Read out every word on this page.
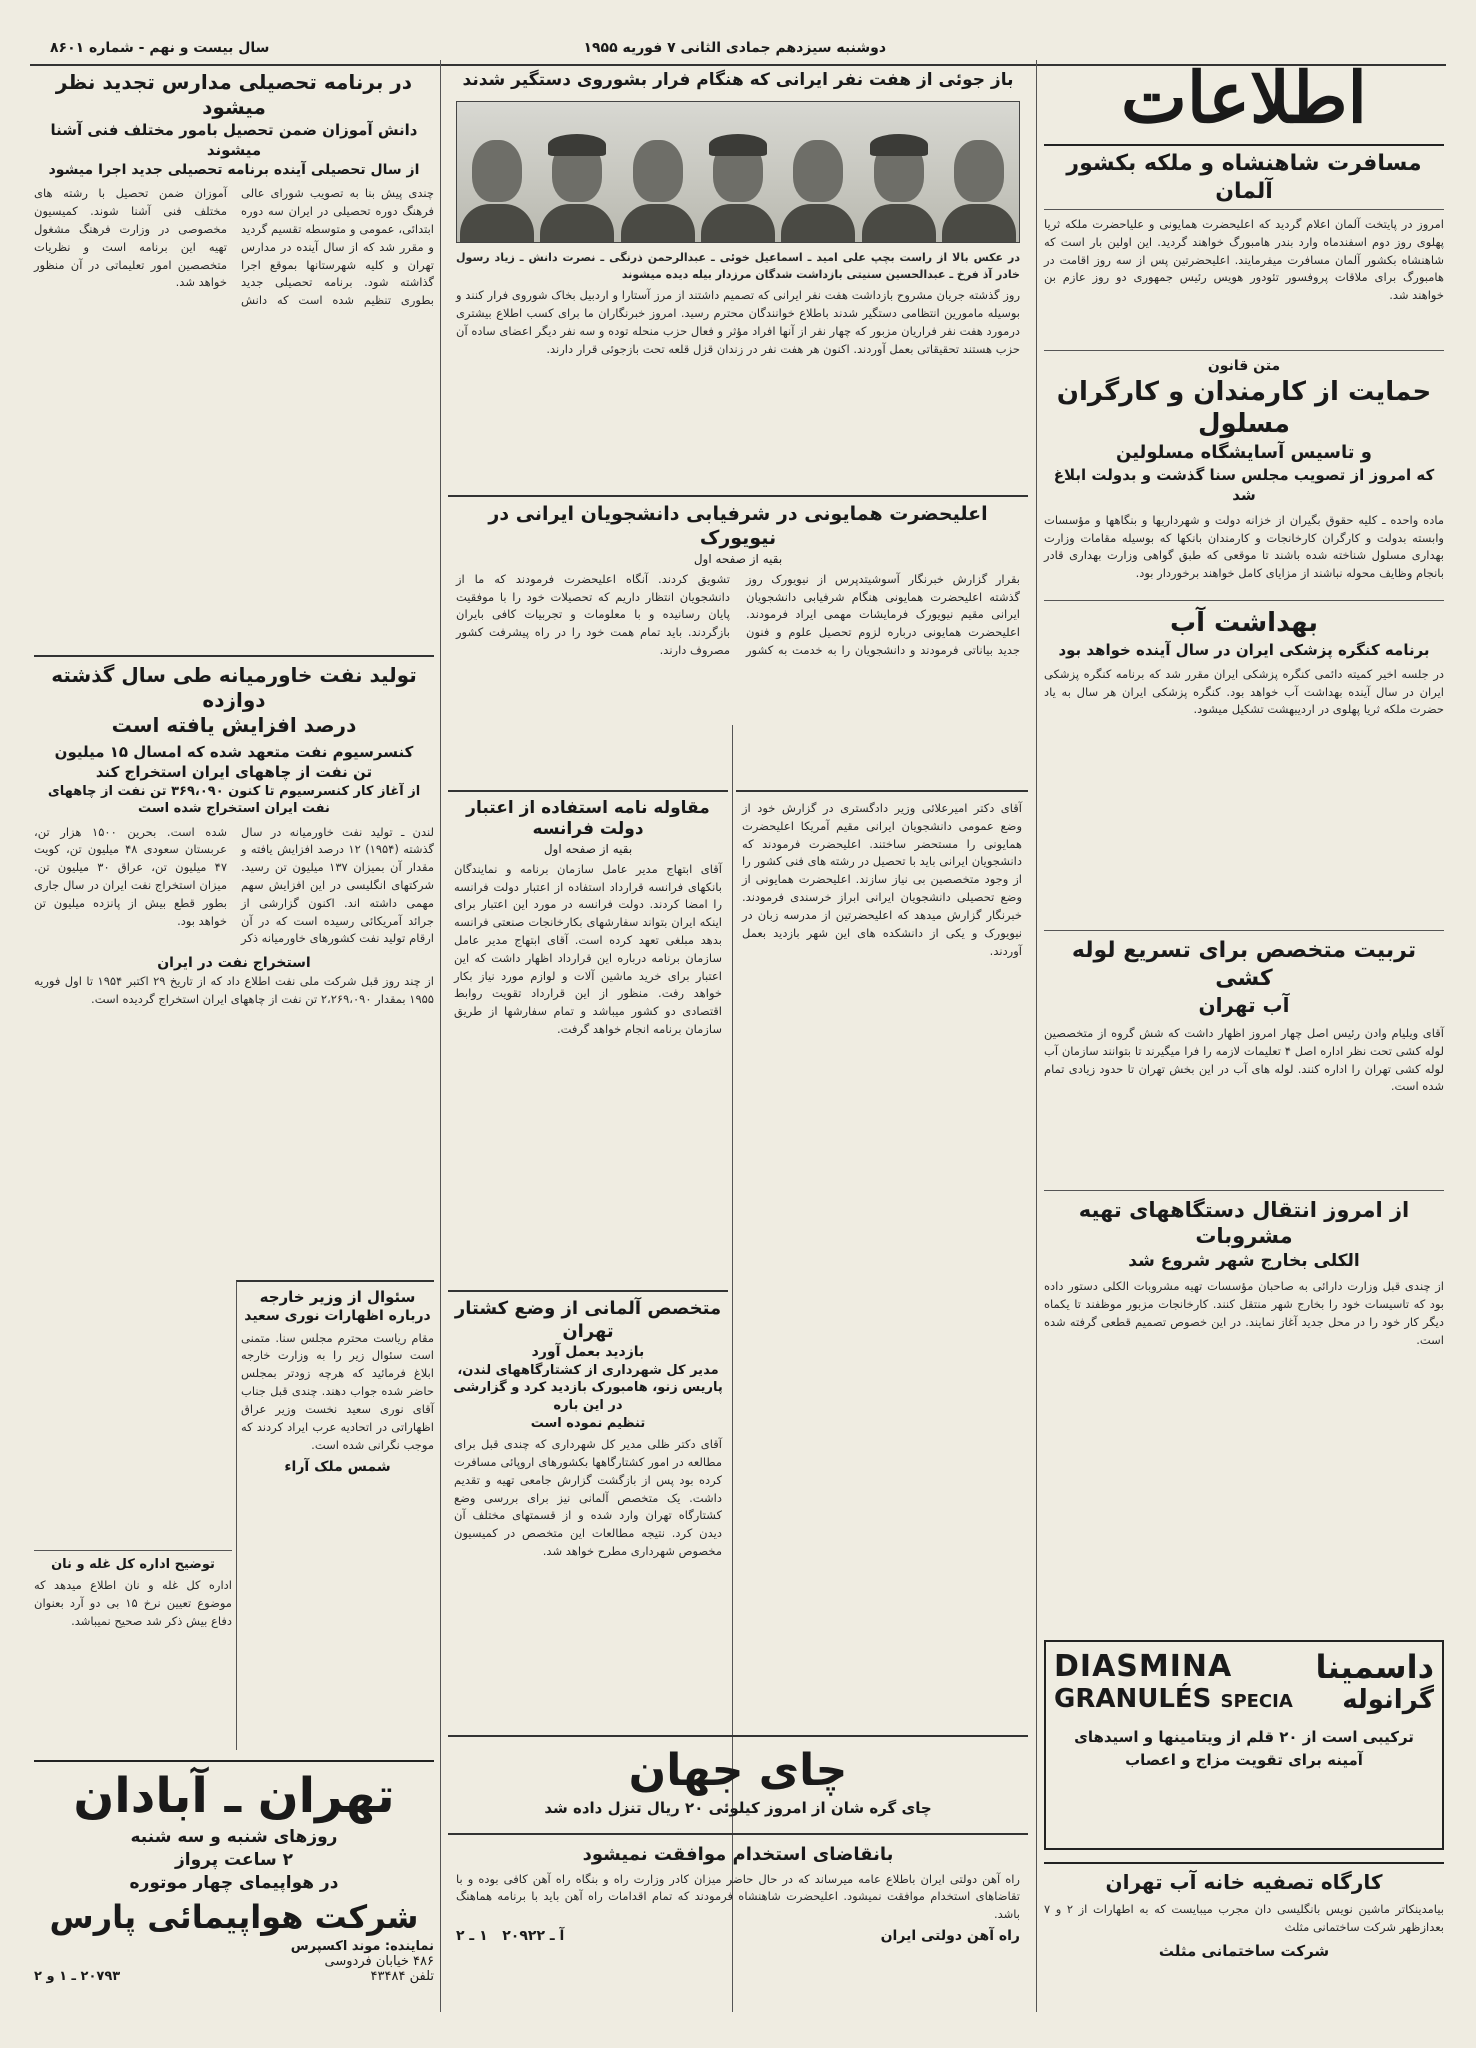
دوشنبه سیزدهم جمادی الثانی ۷ فوریه ۱۹۵۵
سال بیست و نهم - شماره ۸۶۰۱
اطلاعات
مسافرت شاهنشاه و ملکه بکشور آلمان
امروز در پایتخت آلمان اعلام گردید که اعلیحضرت همایونی و علیاحضرت ملکه ثریا پهلوی روز دوم اسفندماه وارد بندر هامبورگ خواهند گردید. این اولین بار است که شاهنشاه بکشور آلمان مسافرت میفرمایند. اعلیحضرتین پس از سه روز اقامت در هامبورگ برای ملاقات پروفسور تئودور هویس رئیس جمهوری دو روز عازم بن خواهند شد.
متن قانون
حمایت از کارمندان و کارگران مسلول
و تاسیس آسایشگاه مسلولین
که امروز از تصویب مجلس سنا گذشت و بدولت ابلاغ شد
ماده واحده ـ کلیه حقوق بگیران از خزانه دولت و شهرداریها و بنگاهها و مؤسسات وابسته بدولت و کارگران کارخانجات و کارمندان بانکها که بوسیله مقامات وزارت بهداری مسلول شناخته شده باشند تا موقعی که طبق گواهی وزارت بهداری قادر بانجام وظایف محوله نباشند از مزایای کامل خواهند برخوردار بود.
بهداشت آب
برنامه کنگره پزشکی ایران در سال آینده خواهد بود
در جلسه اخیر کمیته دائمی کنگره پزشکی ایران مقرر شد که برنامه کنگره پزشکی ایران در سال آینده بهداشت آب خواهد بود. کنگره پزشکی ایران هر سال به یاد حضرت ملکه ثریا پهلوی در اردیبهشت تشکیل میشود.
تربیت متخصص برای تسریع لوله کشی
آب تهران
آقای ویلیام وادن رئیس اصل چهار امروز اظهار داشت که شش گروه از متخصصین لوله کشی تحت نظر اداره اصل ۴ تعلیمات لازمه را فرا میگیرند تا بتوانند سازمان آب لوله کشی تهران را اداره کنند. لوله های آب در این بخش تهران تا حدود زیادی تمام شده است.
از امروز انتقال دستگاههای تهیه مشروبات
الکلی بخارج شهر شروع شد
از چندی قبل وزارت دارائی به صاحبان مؤسسات تهیه مشروبات الکلی دستور داده بود که تاسیسات خود را بخارج شهر منتقل کنند. کارخانجات مزبور موظفند تا یکماه دیگر کار خود را در محل جدید آغاز نمایند. در این خصوص تصمیم قطعی گرفته شده است.
داسمینا
گرانوله
DIASMINA
GRANULÉS SPECIA
ترکیبی است از ۲۰ قلم از ویتامینها و اسیدهای آمینه برای تقویت مزاج و اعصاب
کارگاه تصفیه خانه آب تهران
بیامدینکاتر ماشین نویس بانگلیسی دان مجرب میبایست که به اطهارات از ۲ و ۷ بعدازظهر شرکت ساختمانی مثلث
شرکت ساختمانی مثلث
باز جوئی از هفت نفر ایرانی که هنگام فرار بشوروی دستگیر شدند
در عکس بالا از راست بچپ علی امید ـ اسماعیل خوئی ـ عبدالرحمن ذرنگی ـ نصرت دانش ـ زیاد رسول خادر آذ فرخ ـ عبدالحسین سنیتی بازداشت شدگان مرزدار بیله دیده میشوند
روز گذشته جریان مشروح بازداشت هفت نفر ایرانی که تصمیم داشتند از مرز آستارا و اردبیل بخاک شوروی فرار کنند و بوسیله مامورین انتظامی دستگیر شدند باطلاع خوانندگان محترم رسید. امروز خبرنگاران ما برای کسب اطلاع بیشتری درمورد هفت نفر فراریان مزبور که چهار نفر از آنها افراد مؤثر و فعال حزب منحله توده و سه نفر دیگر اعضای ساده آن حزب هستند تحقیقاتی بعمل آوردند. اکنون هر هفت نفر در زندان قزل قلعه تحت بازجوئی قرار دارند.
اعلیحضرت همایونی در شرفیابی دانشجویان ایرانی در نیویورک
بقیه از صفحه اول
بقرار گزارش خبرنگار آسوشیتدپرس از نیویورک روز گذشته اعلیحضرت همایونی هنگام شرفیابی دانشجویان ایرانی مقیم نیویورک فرمایشات مهمی ایراد فرمودند. اعلیحضرت همایونی درباره لزوم تحصیل علوم و فنون جدید بیاناتی فرمودند و دانشجویان را به خدمت به کشور تشویق کردند. آنگاه اعلیحضرت فرمودند که ما از دانشجویان انتظار داریم که تحصیلات خود را با موفقیت پایان رسانیده و با معلومات و تجربیات کافی بایران بازگردند. باید تمام همت خود را در راه پیشرفت کشور مصروف دارند.
مقاوله نامه استفاده از اعتبار دولت فرانسه
بقیه از صفحه اول
آقای ابتهاج مدیر عامل سازمان برنامه و نمایندگان بانکهای فرانسه قرارداد استفاده از اعتبار دولت فرانسه را امضا کردند. دولت فرانسه در مورد این اعتبار برای اینکه ایران بتواند سفارشهای بکارخانجات صنعتی فرانسه بدهد مبلغی تعهد کرده است. آقای ابتهاج مدیر عامل سازمان برنامه درباره این قرارداد اظهار داشت که این اعتبار برای خرید ماشین آلات و لوازم مورد نیاز بکار خواهد رفت. منظور از این قرارداد تقویت روابط اقتصادی دو کشور میباشد و تمام سفارشها از طریق سازمان برنامه انجام خواهد گرفت.
متخصص آلمانی از وضع کشتار تهران
بازدید بعمل آورد
مدیر کل شهرداری از کشتارگاههای لندن، پاریس زنو، هامبورک بازدید کرد و گزارشی در این باره
تنظیم نموده است
آقای دکتر ظلی مدیر کل شهرداری که چندی قبل برای مطالعه در امور کشتارگاهها بکشورهای اروپائی مسافرت کرده بود پس از بازگشت گزارش جامعی تهیه و تقدیم داشت. یک متخصص آلمانی نیز برای بررسی وضع کشتارگاه تهران وارد شده و از قسمتهای مختلف آن دیدن کرد. نتیجه مطالعات این متخصص در کمیسیون مخصوص شهرداری مطرح خواهد شد.
آقای دکتر امیرعلائی وزیر دادگستری در گزارش خود از وضع عمومی دانشجویان ایرانی مقیم آمریکا اعلیحضرت همایونی را مستحضر ساختند. اعلیحضرت فرمودند که دانشجویان ایرانی باید با تحصیل در رشته های فنی کشور را از وجود متخصصین بی نیاز سازند. اعلیحضرت همایونی از وضع تحصیلی دانشجویان ایرانی ابراز خرسندی فرمودند. خبرنگار گزارش میدهد که اعلیحضرتین از مدرسه زبان در نیویورک و یکی از دانشکده های این شهر بازدید بعمل آوردند.
چای جهان
چای گره شان از امروز کیلوئی ۲۰ ریال تنزل داده شد
بانقاضای استخدام موافقت نمیشود
راه آهن دولتی ایران باطلاع عامه میرساند که در حال حاضر میزان کادر وزارت راه و بنگاه راه آهن کافی بوده و با تقاضاهای استخدام موافقت نمیشود. اعلیحضرت شاهنشاه فرمودند که تمام اقدامات راه آهن باید با برنامه هماهنگ باشد.
راه آهن دولتی ایران
آ ـ ۲۰۹۲۲   ۱ ـ ۲
در برنامه تحصیلی مدارس تجدید نظر میشود
دانش آموزان ضمن تحصیل بامور مختلف فنی آشنا میشوند
از سال تحصیلی آینده برنامه تحصیلی جدید اجرا میشود
چندی پیش بنا به تصویب شورای عالی فرهنگ دوره تحصیلی در ایران سه دوره ابتدائی، عمومی و متوسطه تقسیم گردید و مقرر شد که از سال آینده در مدارس تهران و کلیه شهرستانها بموقع اجرا گذاشته شود. برنامه تحصیلی جدید بطوری تنظیم شده است که دانش آموزان ضمن تحصیل با رشته های مختلف فنی آشنا شوند. کمیسیون مخصوصی در وزارت فرهنگ مشغول تهیه این برنامه است و نظریات متخصصین امور تعلیماتی در آن منظور خواهد شد.
تولید نفت خاورمیانه طی سال گذشته دوازده
درصد افزایش یافته است
کنسرسیوم نفت متعهد شده که امسال ۱۵ میلیون
تن نفت از چاههای ایران استخراج کند
از آغاز کار کنسرسیوم تا کنون ۳۶۹،۰۹۰ تن نفت از چاههای نفت ایران استخراج شده است
لندن ـ تولید نفت خاورمیانه در سال گذشته (۱۹۵۴) ۱۲ درصد افزایش یافته و مقدار آن بمیزان ۱۳۷ میلیون تن رسید. شرکتهای انگلیسی در این افزایش سهم مهمی داشته اند. اکنون گزارشی از جرائد آمریکائی رسیده است که در آن ارقام تولید نفت کشورهای خاورمیانه ذکر شده است. بحرین ۱۵۰۰ هزار تن، عربستان سعودی ۴۸ میلیون تن، کویت ۴۷ میلیون تن، عراق ۳۰ میلیون تن. میزان استخراج نفت ایران در سال جاری بطور قطع بیش از پانزده میلیون تن خواهد بود.
استخراج نفت در ایران
از چند روز قبل شرکت ملی نفت اطلاع داد که از تاریخ ۲۹ اکتبر ۱۹۵۴ تا اول فوریه ۱۹۵۵ بمقدار ۲،۲۶۹،۰۹۰ تن نفت از چاههای ایران استخراج گردیده است.
سئوال از وزیر خارجه
درباره اظهارات نوری سعید
مقام ریاست محترم مجلس سنا. متمنی است سئوال زیر را به وزارت خارجه ابلاغ فرمائید که هرچه زودتر بمجلس حاضر شده جواب دهند. چندی قبل جناب آقای نوری سعید نخست وزیر عراق اظهاراتی در اتحادیه عرب ایراد کردند که موجب نگرانی شده است.
شمس ملک آراء
توضیح اداره کل غله و نان
اداره کل غله و نان اطلاع میدهد که موضوع تعیین نرخ ۱۵ بی دو آرد بعنوان دفاع بیش ذکر شد صحیح نمیباشد.
تهران ـ آبادان
روزهای شنبه و سه شنبه
۲ ساعت پرواز
در هواپیمای چهار موتوره
شرکت هواپیمائی پارس
نماینده: موند اکسپرس
۴۸۶ خیابان فردوسی
تلفن ۴۳۴۸۴
۲۰۷۹۳ ـ ۱ و ۲
